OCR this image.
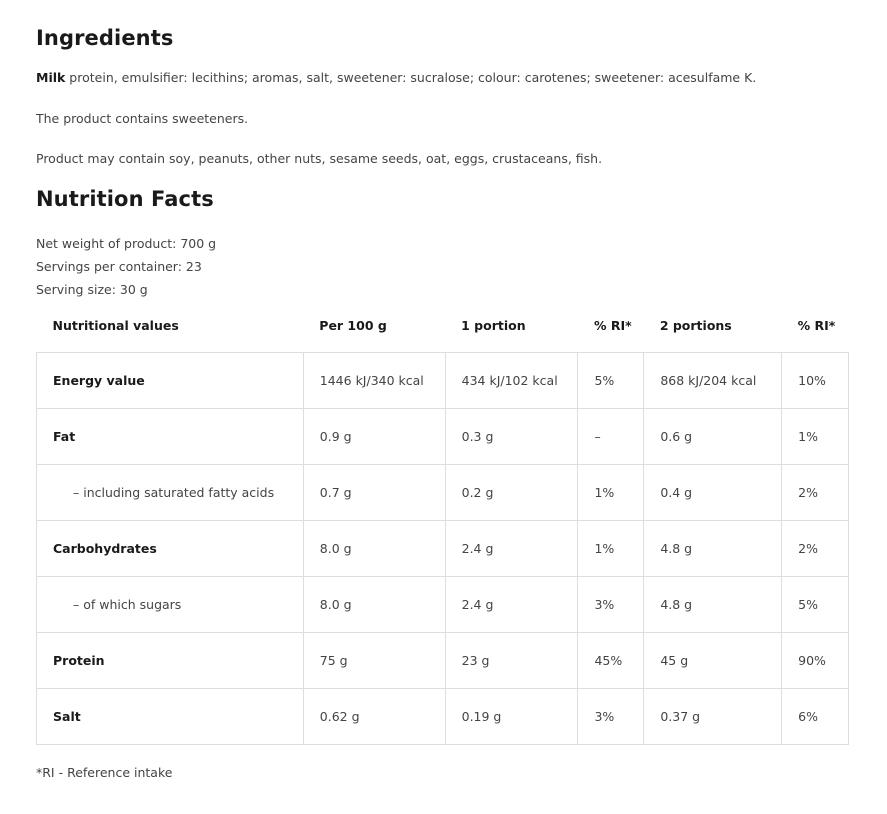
Ingredients
Milk protein, emulsifier: lecithins; aromas, salt, sweetener: sucralose; colour: carotenes; sweetener: acesulfame K.
The product contains sweeteners.
Product may contain soy, peanuts, other nuts, sesame seeds, oat, eggs, crustaceans, fish.
Nutrition Facts
Net weight of product: 700 g
Servings per container: 23
Serving size: 30 g
Nutritional values	Per 100 g	1 portion	% RI*	2 portions	% RI*
Energy value	1446 kJ/340 kcal	434 kJ/102 kcal	5%	868 kJ/204 kcal	10%
Fat	0.9 g	0.3 g	–	0.6 g	1%
– including saturated fatty acids	0.7 g	0.2 g	1%	0.4 g	2%
Carbohydrates	8.0 g	2.4 g	1%	4.8 g	2%
– of which sugars	8.0 g	2.4 g	3%	4.8 g	5%
Protein	75 g	23 g	45%	45 g	90%
Salt	0.62 g	0.19 g	3%	0.37 g	6%
*RI - Reference intake
